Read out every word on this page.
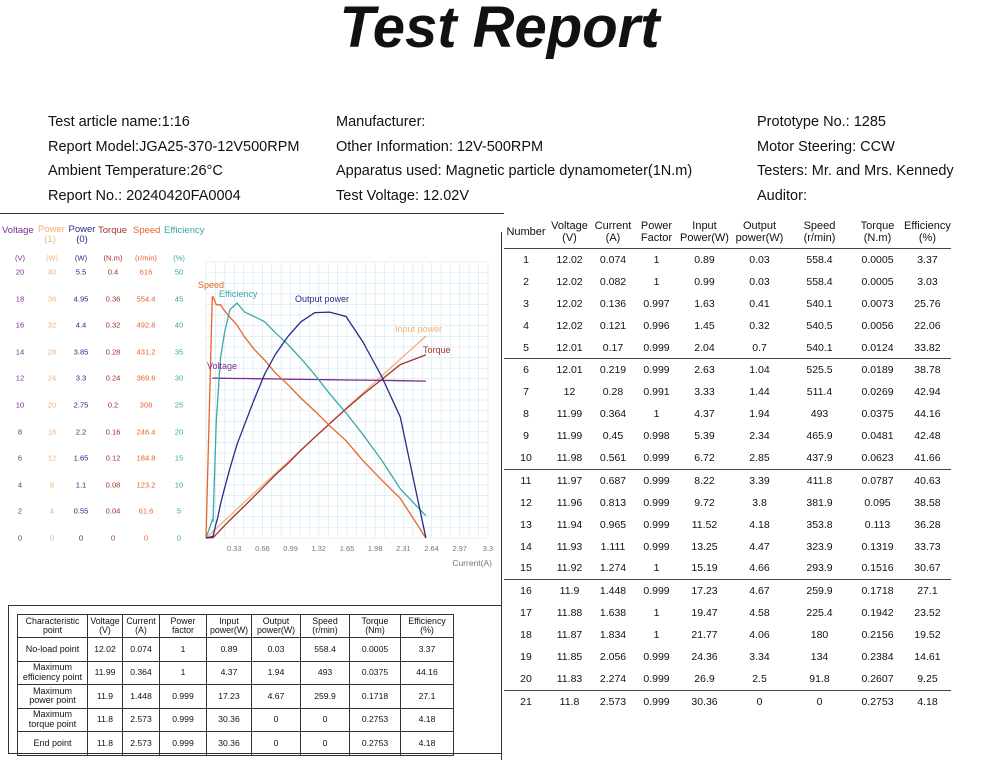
Test Report
Test article name:1:16
Report Model:JGA25-370-12V500RPM
Ambient Temperature:26°C
Report No.: 20240420FA0004
Manufacturer:
Other Information: 12V-500RPM
Apparatus used: Magnetic particle dynamometer(1N.m)
Test Voltage: 12.02V
Prototype No.: 1285
Motor Steering: CCW
Testers: Mr. and Mrs. Kennedy
Auditor:
Voltage Power
(1)
Power
(0)
Torque Speed Efficiency
(V)
20
18
16
14
12
10
8
6
4
2
0
(W)
40
36
32
28
24
20
16
12
8
4
0
(W)
5.5
4.95
4.4
3.85
3.3
2.75
2.2
1.65
1.1
0.55
0
(N.m)
0.4
0.36
0.32
0.28
0.24
0.2
0.16
0.12
0.08
0.04
0
(r/min)
616
554.4
492.8
431.2
369.6
308
246.4
184.8
123.2
61.6
0
(%)
50
45
40
35
30
25
20
15
10
5
0
0.33 0.66 0.99 1.32 1.65 1.98 2.31 2.64 2.97 3.3
Current(A)
Speed
Efficiency	Output power
Input power
Torque
Voltage
Number	Voltage
(V)	Current
(A)	Power
Factor	Input
Power(W)	Output
power(W)	Speed
(r/min)	Torque
(N.m)	Efficiency
(%)
1	12.02	0.074	1	0.89	0.03	558.4	0.0005	3.37
2	12.02	0.082	1	0.99	0.03	558.4	0.0005	3.03
3	12.02	0.136	0.997	1.63	0.41	540.1	0.0073	25.76
4	12.02	0.121	0.996	1.45	0.32	540.5	0.0056	22.06
5	12.01	0.17	0.999	2.04	0.7	540.1	0.0124	33.82
6	12.01	0.219	0.999	2.63	1.04	525.5	0.0189	38.78
7	12	0.28	0.991	3.33	1.44	511.4	0.0269	42.94
8	11.99	0.364	1	4.37	1.94	493	0.0375	44.16
9	11.99	0.45	0.998	5.39	2.34	465.9	0.0481	42.48
10	11.98	0.561	0.999	6.72	2.85	437.9	0.0623	41.66
11	11.97	0.687	0.999	8.22	3.39	411.8	0.0787	40.63
12	11.96	0.813	0.999	9.72	3.8	381.9	0.095	38.58
13	11.94	0.965	0.999	11.52	4.18	353.8	0.113	36.28
14	11.93	1.111	0.999	13.25	4.47	323.9	0.1319	33.73
15	11.92	1.274	1	15.19	4.66	293.9	0.1516	30.67
16	11.9	1.448	0.999	17.23	4.67	259.9	0.1718	27.1
17	11.88	1.638	1	19.47	4.58	225.4	0.1942	23.52
18	11.87	1.834	1	21.77	4.06	180	0.2156	19.52
19	11.85	2.056	0.999	24.36	3.34	134	0.2384	14.61
20	11.83	2.274	0.999	26.9	2.5	91.8	0.2607	9.25
21	11.8	2.573	0.999	30.36	0	0	0.2753	4.18
Characteristic
point	Voltage
(V)	Current
(A)	Power
factor	Input
power(W)	Output
power(W)	Speed
(r/min)	Torque
(Nm)	Efficiency
(%)
No-load point	12.02	0.074	1	0.89	0.03	558.4	0.0005	3.37
Maximum
efficiency point	11.99	0.364	1	4.37	1.94	493	0.0375	44.16
Maximum
power point	11.9	1.448	0.999	17.23	4.67	259.9	0.1718	27.1
Maximum
torque point	11.8	2.573	0.999	30.36	0	0	0.2753	4.18
End point	11.8	2.573	0.999	30.36	0	0	0.2753	4.18
